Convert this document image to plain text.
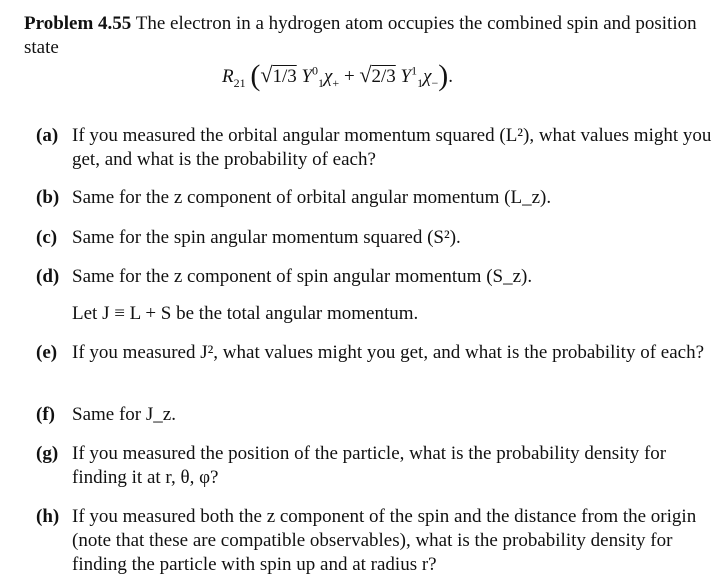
Problem 4.55 The electron in a hydrogen atom occupies the combined spin and position state
$R_{21}$ (√1/3 $Y^0_1\chi_+ + √2/3$ $Y^1_1\chi_-$).
(a) If you measured the orbital angular momentum squared (L²), what values might you get, and what is the probability of each?
(b) Same for the z component of orbital angular momentum (L_z).
(c) Same for the spin angular momentum squared (S²).
(d) Same for the z component of spin angular momentum (S_z).
Let J ≡ L + S be the total angular momentum.
(e) If you measured J², what values might you get, and what is the probability of each?
(f) Same for J_z.
(g) If you measured the position of the particle, what is the probability density for finding it at r, θ, φ?
(h) If you measured both the z component of the spin and the distance from the origin (note that these are compatible observables), what is the probability density for finding the particle with spin up and at radius r?
